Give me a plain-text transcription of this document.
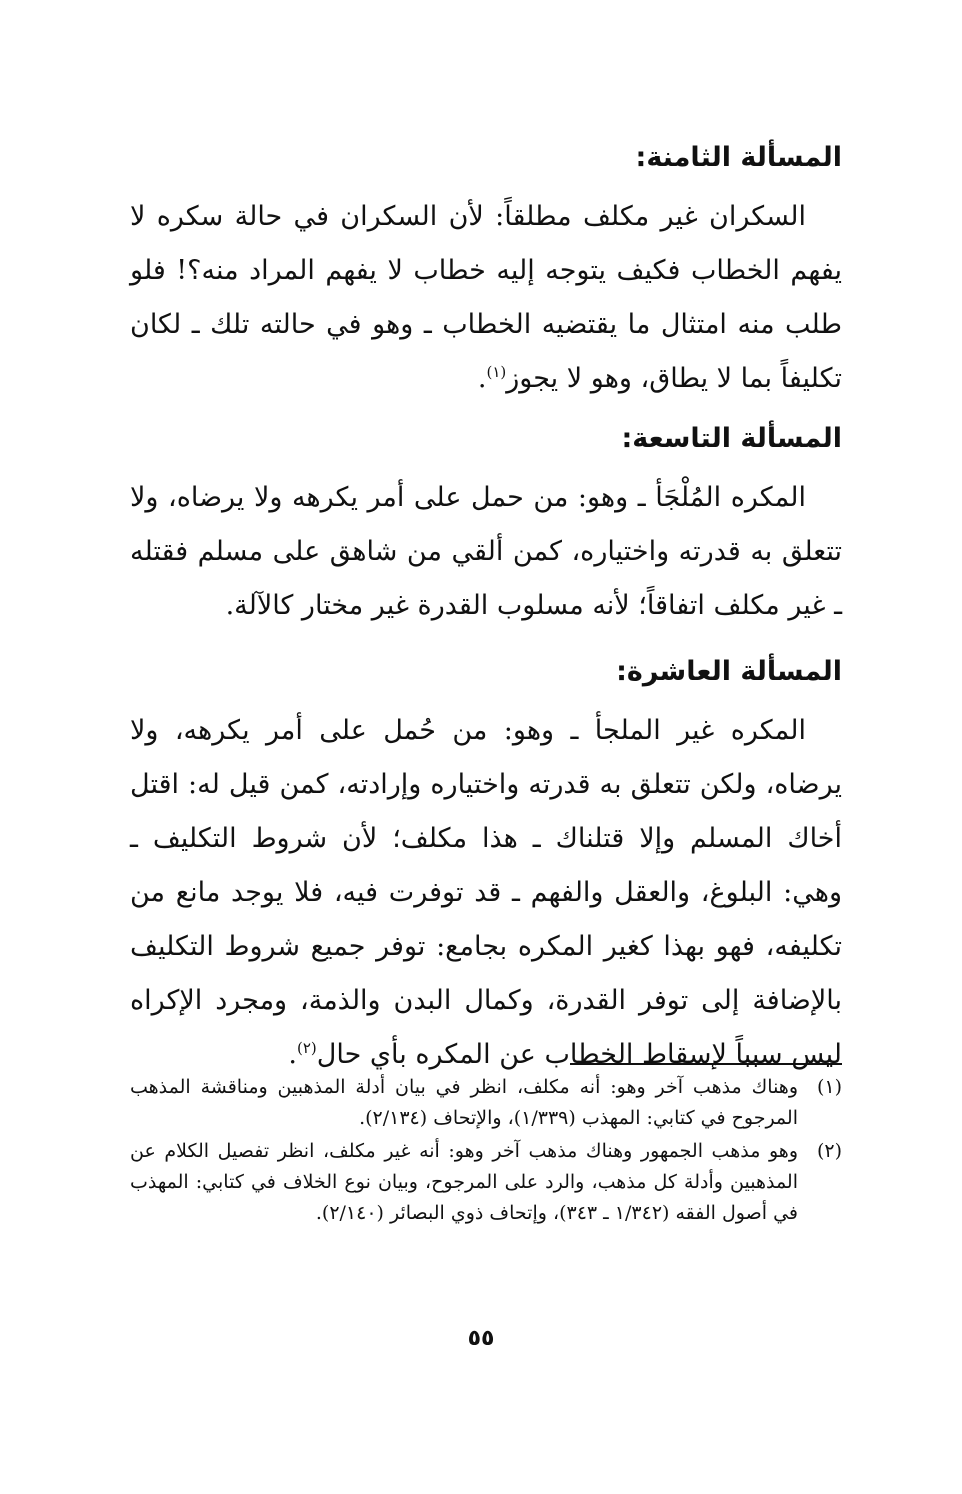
المسألة الثامنة:

السكران غير مكلف مطلقاً: لأن السكران في حالة سكره لا يفهم الخطاب فكيف يتوجه إليه خطاب لا يفهم المراد منه؟! فلو طلب منه امتثال ما يقتضيه الخطاب ـ وهو في حالته تلك ـ لكان تكليفاً بما لا يطاق، وهو لا يجوز$^{(١)}$.

المسألة التاسعة:

المكره المُلْجَأ ـ وهو: من حمل على أمر يكرهه ولا يرضاه، ولا تتعلق به قدرته واختياره، كمن ألقي من شاهق على مسلم فقتله ـ غير مكلف اتفاقاً؛ لأنه مسلوب القدرة غير مختار كالآلة.

المسألة العاشرة:

المكره غير الملجأ ـ وهو: من حُمل على أمر يكرهه، ولا يرضاه، ولكن تتعلق به قدرته واختياره وإرادته، كمن قيل له: اقتل أخاك المسلم وإلا قتلناك ـ هذا مكلف؛ لأن شروط التكليف ـ وهي: البلوغ، والعقل والفهم ـ قد توفرت فيه، فلا يوجد مانع من تكليفه، فهو بهذا كغير المكره بجامع: توفر جميع شروط التكليف بالإضافة إلى توفر القدرة، وكمال البدن والذمة، ومجرد الإكراه ليس سبباً لإسقاط الخطاب عن المكره بأي حال$^{(٢)}$.

(١)
وهناك مذهب آخر وهو: أنه مكلف، انظر في بيان أدلة المذهبين ومناقشة المذهب المرجوح في كتابي: المهذب (١/٣٣٩)، والإتحاف (٢/١٣٤).

(٢)
وهو مذهب الجمهور وهناك مذهب آخر وهو: أنه غير مكلف، انظر تفصيل الكلام عن المذهبين وأدلة كل مذهب، والرد على المرجوح، وبيان نوع الخلاف في كتابي: المهذب في أصول الفقه (١/٣٤٢ ـ ٣٤٣)، وإتحاف ذوي البصائر (٢/١٤٠).

٥٥
